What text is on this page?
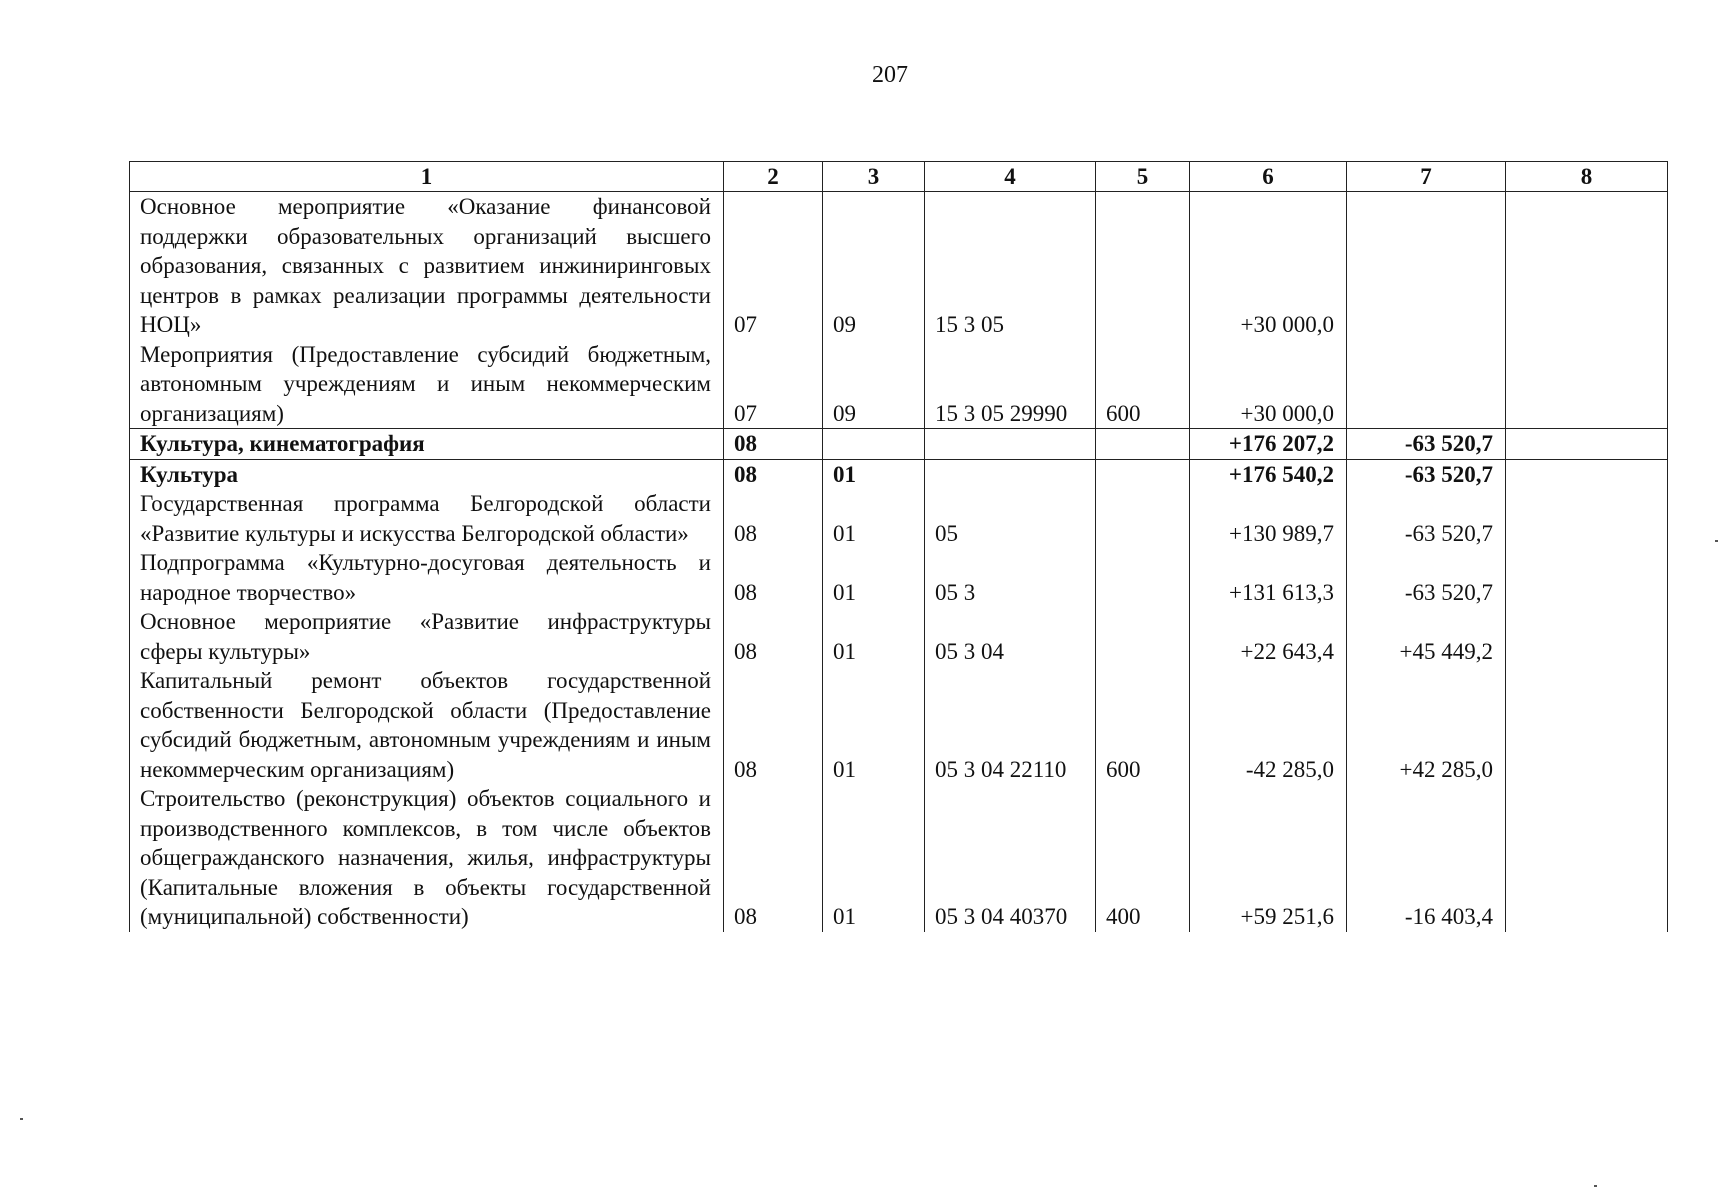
207
1	2	3	4	5	6	7	8
Основное мероприятие «Оказание финансовой поддержки образовательных организаций высшего образования, связанных с развитием инжиниринговых центров в рамках реализации программы деятельности НОЦ»	07	09	15 3 05		+30 000,0		
Мероприятия (Предоставление субсидий бюджетным, автономным учреждениям и иным некоммерческим организациям)	07	09	15 3 05 29990	600	+30 000,0		
Культура, кинематография	08				+176 207,2	-63 520,7	
Культура	08	01			+176 540,2	-63 520,7	
Государственная программа Белгородской области «Развитие культуры и искусства Белгородской области»	08	01	05		+130 989,7	-63 520,7	
Подпрограмма «Культурно-досуговая деятельность и народное творчество»	08	01	05 3		+131 613,3	-63 520,7	
Основное мероприятие «Развитие инфраструктуры сферы культуры»	08	01	05 3 04		+22 643,4	+45 449,2	
Капитальный ремонт объектов государственной собственности Белгородской области (Предоставление субсидий бюджетным, автономным учреждениям и иным некоммерческим организациям)	08	01	05 3 04 22110	600	-42 285,0	+42 285,0	
Строительство (реконструкция) объектов социального и производственного комплексов, в том числе объектов общегражданского назначения, жилья, инфраструктуры (Капитальные вложения в объекты государственной (муниципальной) собственности)	08	01	05 3 04 40370	400	+59 251,6	-16 403,4	
